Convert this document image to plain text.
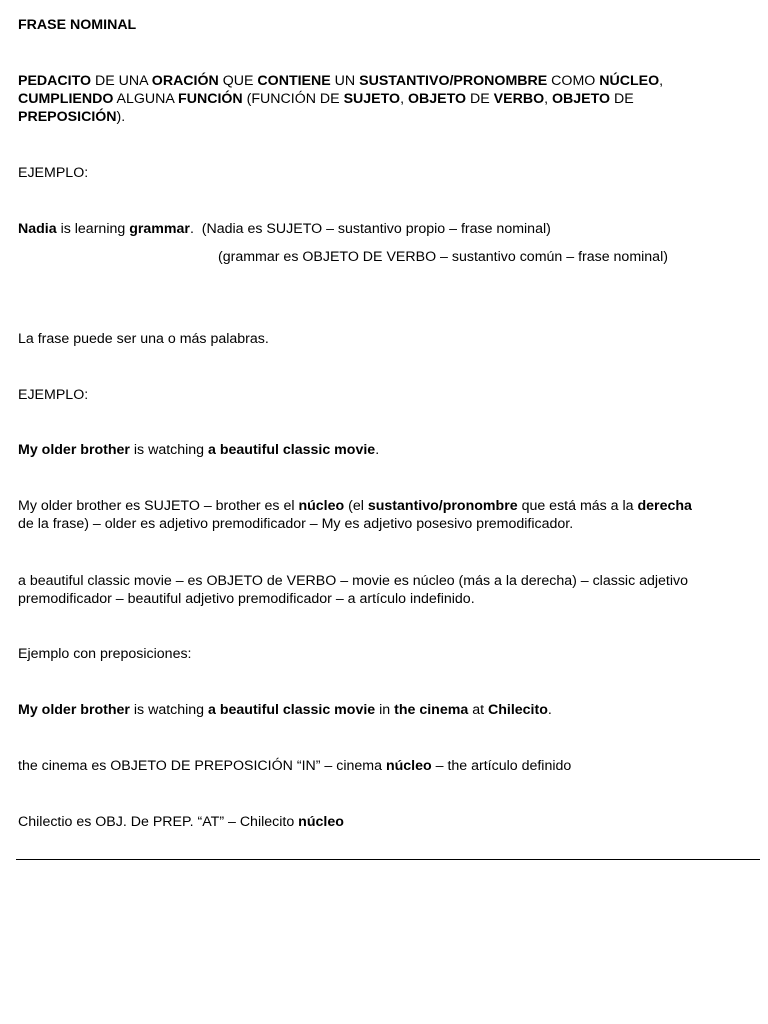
FRASE NOMINAL
PEDACITO DE UNA ORACIÓN QUE CONTIENE UN SUSTANTIVO/PRONOMBRE COMO NÚCLEO,
CUMPLIENDO ALGUNA FUNCIÓN (FUNCIÓN DE SUJETO, OBJETO DE VERBO, OBJETO DE
PREPOSICIÓN).
EJEMPLO:
Nadia is learning grammar.  (Nadia es SUJETO – sustantivo propio – frase nominal)
(grammar es OBJETO DE VERBO – sustantivo común – frase nominal)
La frase puede ser una o más palabras.
EJEMPLO:
My older brother is watching a beautiful classic movie.
My older brother es SUJETO – brother es el núcleo (el sustantivo/pronombre que está más a la derecha
de la frase) – older es adjetivo premodificador – My es adjetivo posesivo premodificador.
a beautiful classic movie – es OBJETO de VERBO – movie es núcleo (más a la derecha) – classic adjetivo
premodificador – beautiful adjetivo premodificador – a artículo indefinido.
Ejemplo con preposiciones:
My older brother is watching a beautiful classic movie in the cinema at Chilecito.
the cinema es OBJETO DE PREPOSICIÓN “IN” – cinema núcleo – the artículo definido
Chilectio es OBJ. De PREP. “AT” – Chilecito núcleo
